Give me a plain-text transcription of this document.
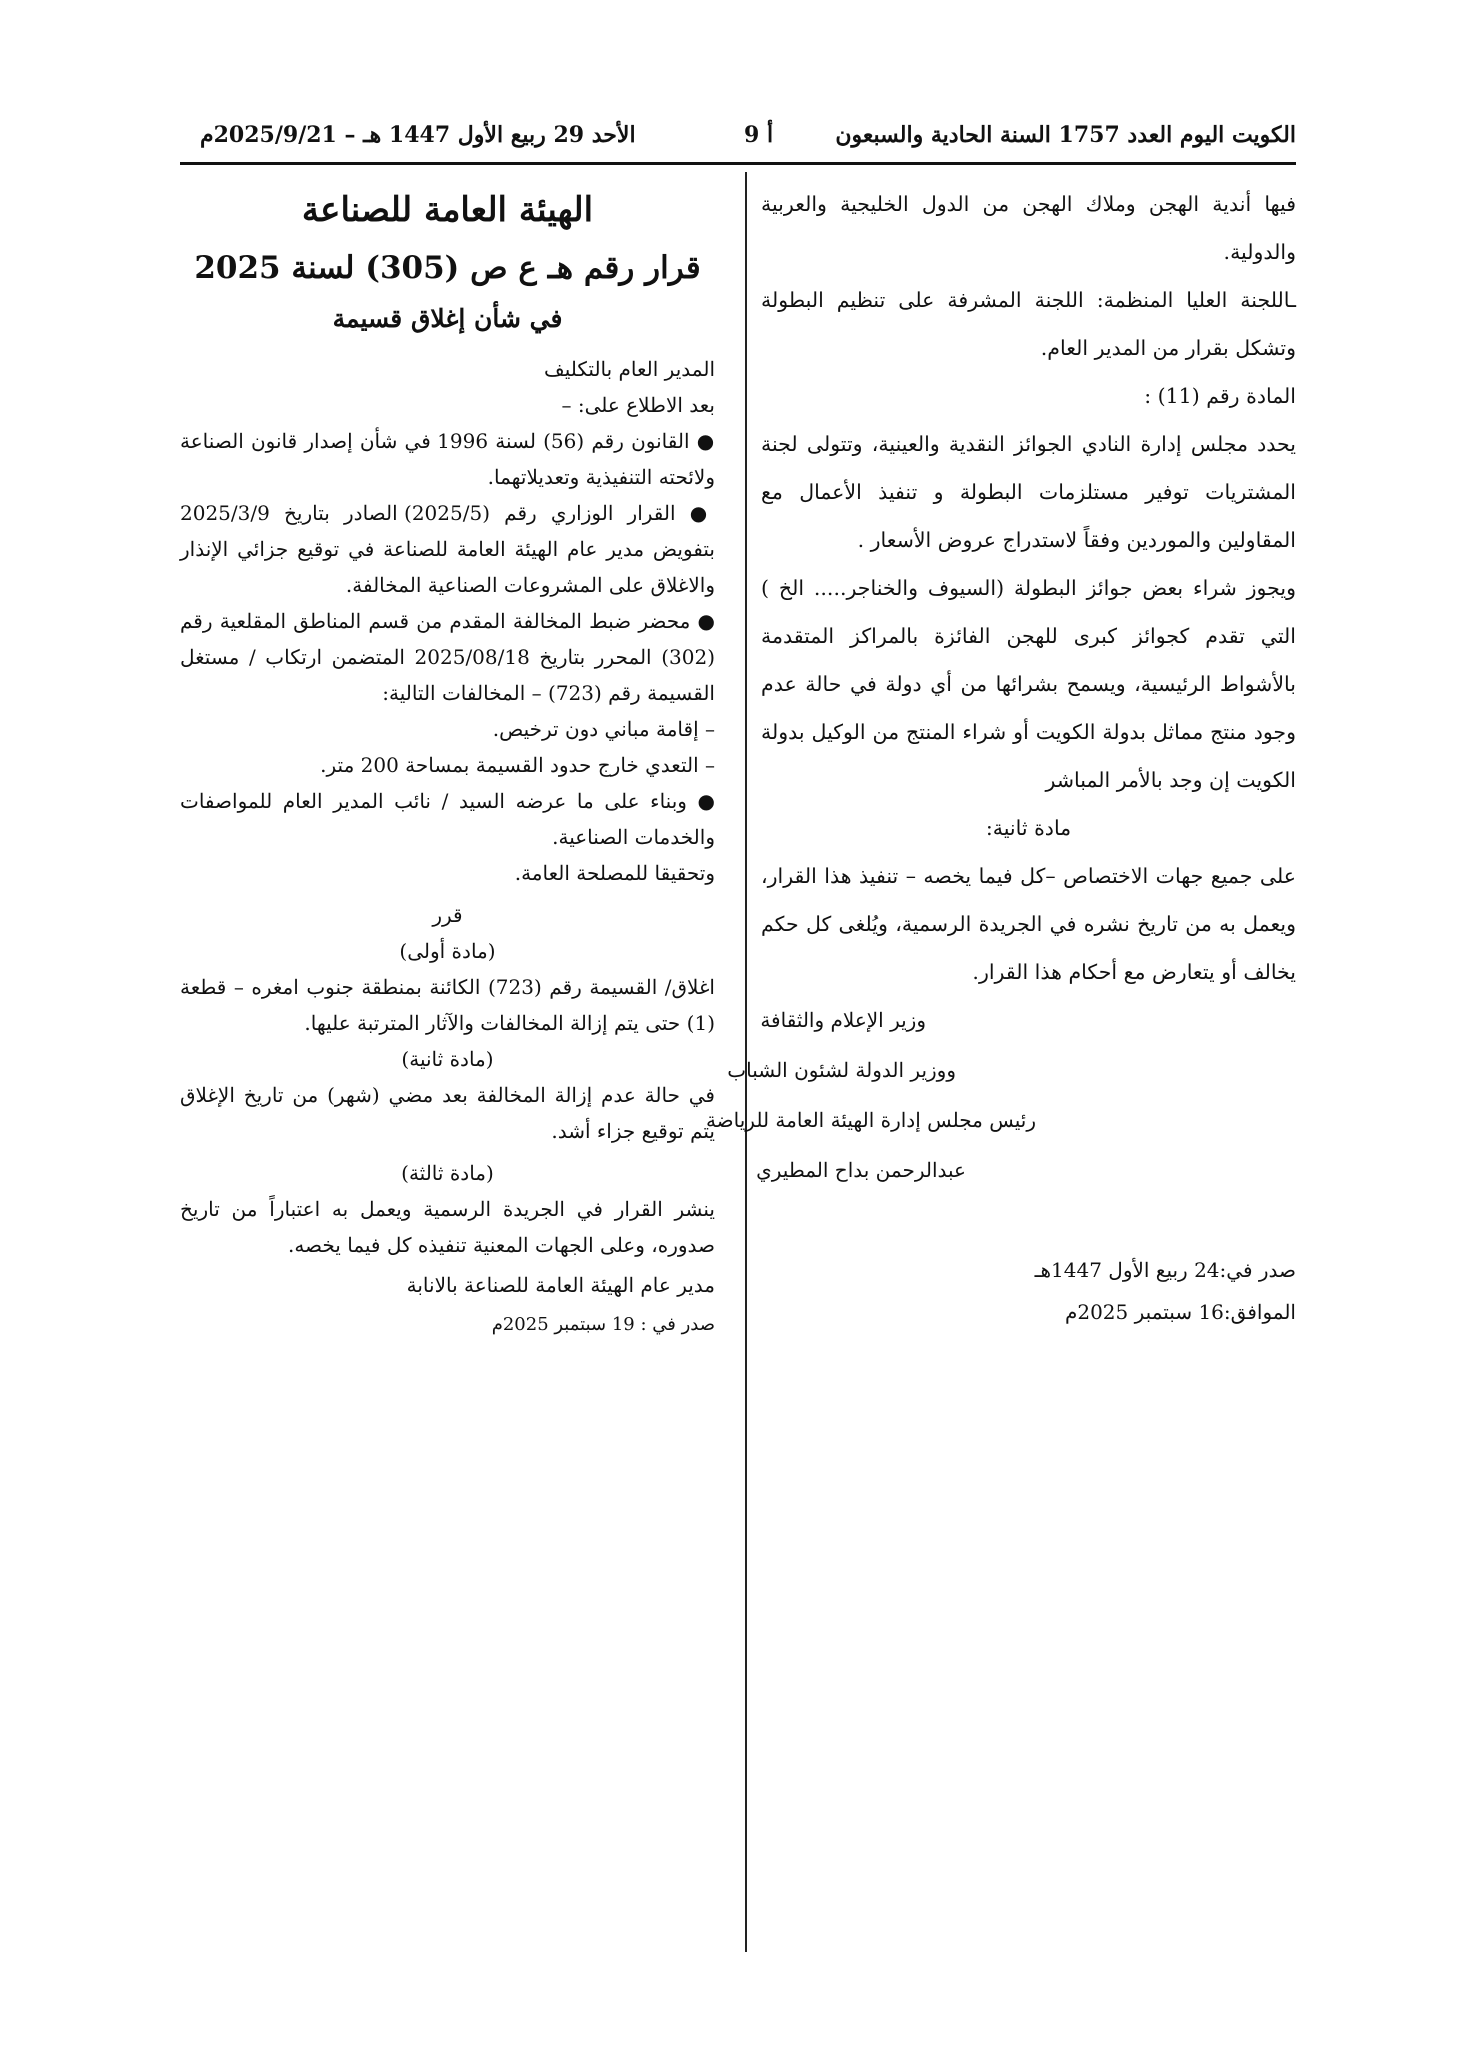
الكويت اليوم العدد 1757 السنة الحادية والسبعون
أ 9
الأحد 29 ربيع الأول 1447 هـ – 2025/9/21م

فيها أندية الهجن وملاك الهجن من الدول الخليجية والعربية والدولية.

ـاللجنة العليا المنظمة: اللجنة المشرفة على تنظيم البطولة وتشكل بقرار من المدير العام.

المادة رقم (11) :

يحدد مجلس إدارة النادي الجوائز النقدية والعينية، وتتولى لجنة المشتريات توفير مستلزمات البطولة و تنفيذ الأعمال مع المقاولين والموردين وفقاً لاستدراج عروض الأسعار .

ويجوز شراء بعض جوائز البطولة (السيوف والخناجر..... الخ ) التي تقدم كجوائز كبرى للهجن الفائزة بالمراكز المتقدمة بالأشواط الرئيسية، ويسمح بشرائها من أي دولة في حالة عدم وجود منتج مماثل بدولة الكويت أو شراء المنتج من الوكيل بدولة الكويت إن وجد بالأمر المباشر

مادة ثانية:

على جميع جهات الاختصاص –كل فيما يخصه – تنفيذ هذا القرار، ويعمل به من تاريخ نشره في الجريدة الرسمية، ويُلغى كل حكم يخالف أو يتعارض مع أحكام هذا القرار.

وزير الإعلام والثقافة
ووزير الدولة لشئون الشباب
رئيس مجلس إدارة الهيئة العامة للرياضة
عبدالرحمن بداح المطيري
صدر في:24 ربيع الأول 1447هـ
الموافق:16 سبتمبر 2025م

الهيئة العامة للصناعة

قرار رقم هـ ع ص (305) لسنة 2025

في شأن إغلاق قسيمة

المدير العام بالتكليف

بعد الاطلاع على: –

● القانون رقم (56) لسنة 1996 في شأن إصدار قانون الصناعة ولائحته التنفيذية وتعديلاتهما.

● القرار الوزاري رقم (2025/5) الصادر بتاريخ 2025/3/9 بتفويض مدير عام الهيئة العامة للصناعة في توقيع جزائي الإنذار والاغلاق على المشروعات الصناعية المخالفة.

● محضر ضبط المخالفة المقدم من قسم المناطق المقلعية رقم (302) المحرر بتاريخ 2025/08/18 المتضمن ارتكاب / مستغل القسيمة رقم (723) – المخالفات التالية:

– إقامة مباني دون ترخيص.

– التعدي خارج حدود القسيمة بمساحة 200 متر.

● وبناء على ما عرضه السيد / نائب المدير العام للمواصفات والخدمات الصناعية.

وتحقيقا للمصلحة العامة.

قرر

(مادة أولى)

اغلاق/ القسيمة رقم (723) الكائنة بمنطقة جنوب امغره – قطعة (1) حتى يتم إزالة المخالفات والآثار المترتبة عليها.

(مادة ثانية)

في حالة عدم إزالة المخالفة بعد مضي (شهر) من تاريخ الإغلاق يتم توقيع جزاء أشد.

(مادة ثالثة)

ينشر القرار في الجريدة الرسمية ويعمل به اعتباراً من تاريخ صدوره، وعلى الجهات المعنية تنفيذه كل فيما يخصه.

مدير عام الهيئة العامة للصناعة بالانابة

صدر في : 19 سبتمبر 2025م
